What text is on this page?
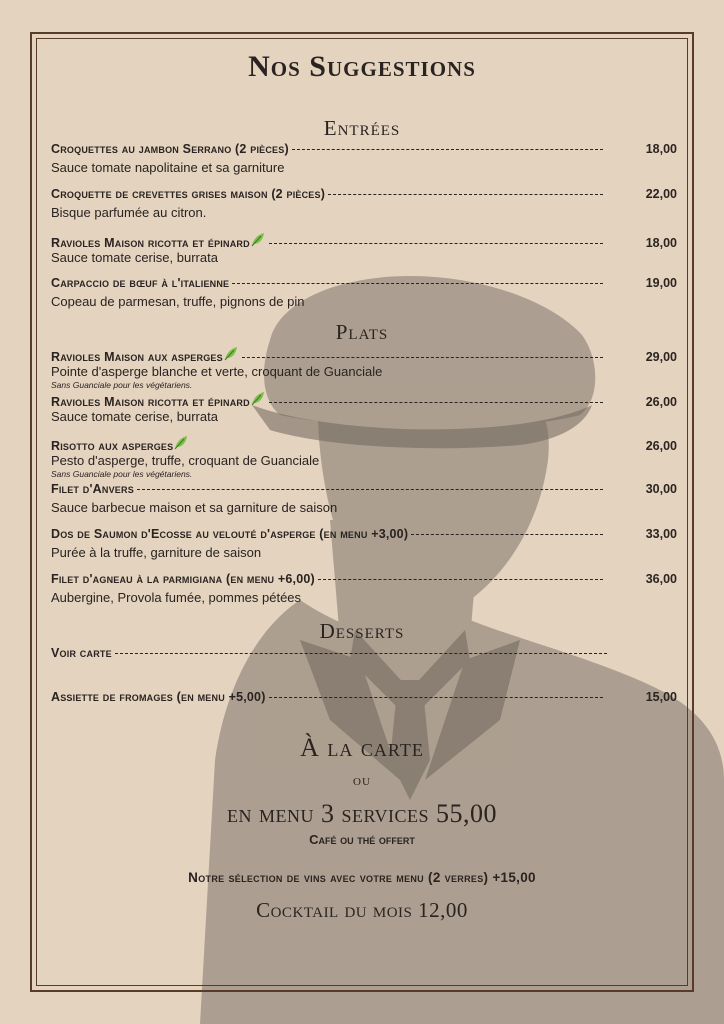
Nos Suggestions
Entrées
Croquettes au jambon Serrano (2 pièces)	18,00
Sauce tomate napolitaine et sa garniture
Croquette de crevettes grises maison (2 pièces)	22,00
Bisque parfumée au citron.
Ravioles Maison ricotta et épinard	18,00
Sauce tomate cerise, burrata
Carpaccio de bœuf à l'italienne	19,00
Copeau de parmesan, truffe, pignons de pin
Plats
Ravioles Maison aux asperges	29,00
Pointe d'asperge blanche et verte, croquant de Guanciale
Sans Guanciale pour les végétariens.
Ravioles Maison ricotta et épinard	26,00
Sauce tomate cerise, burrata
Risotto aux asperges	26,00
Pesto d'asperge, truffe, croquant de Guanciale
Sans Guanciale pour les végétariens.
Filet d'Anvers	30,00
Sauce barbecue maison et sa garniture de saison
Dos de Saumon d'Ecosse au velouté d'asperge (en menu +3,00)	33,00
Purée à la truffe, garniture de saison
Filet d'agneau à la parmigiana (en menu +6,00)	36,00
Aubergine, Provola fumée, pommes pétées
Desserts
Voir carte
Assiette de fromages (en menu +5,00)	15,00
À la carte
ou
en menu 3 services 55,00
Café ou thé offert
Notre sélection de vins avec votre menu (2 verres) +15,00
Cocktail du mois 12,00
